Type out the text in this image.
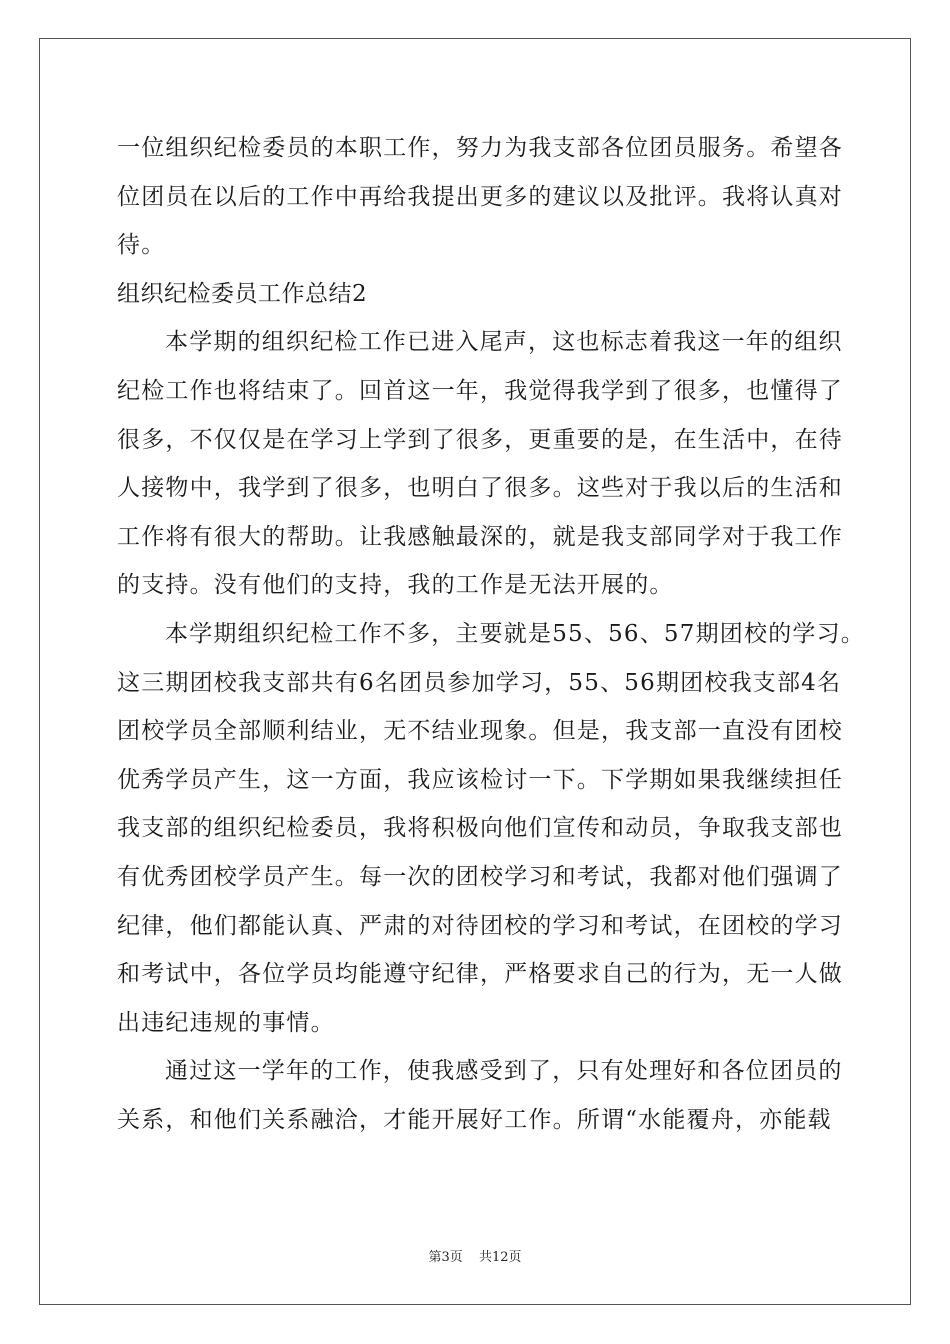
一位组织纪检委员的本职工作，努力为我支部各位团员服务。希望各
位团员在以后的工作中再给我提出更多的建议以及批评。我将认真对
待。
组织纪检委员工作总结2
本学期的组织纪检工作已进入尾声，这也标志着我这一年的组织
纪检工作也将结束了。回首这一年，我觉得我学到了很多，也懂得了
很多，不仅仅是在学习上学到了很多，更重要的是，在生活中，在待
人接物中，我学到了很多，也明白了很多。这些对于我以后的生活和
工作将有很大的帮助。让我感触最深的，就是我支部同学对于我工作
的支持。没有他们的支持，我的工作是无法开展的。
本学期组织纪检工作不多，主要就是55、56、57期团校的学习。
这三期团校我支部共有6名团员参加学习，55、56期团校我支部4名
团校学员全部顺利结业，无不结业现象。但是，我支部一直没有团校
优秀学员产生，这一方面，我应该检讨一下。下学期如果我继续担任
我支部的组织纪检委员，我将积极向他们宣传和动员，争取我支部也
有优秀团校学员产生。每一次的团校学习和考试，我都对他们强调了
纪律，他们都能认真、严肃的对待团校的学习和考试，在团校的学习
和考试中，各位学员均能遵守纪律，严格要求自己的行为，无一人做
出违纪违规的事情。
通过这一学年的工作，使我感受到了，只有处理好和各位团员的
关系，和他们关系融洽，才能开展好工作。所谓“水能覆舟，亦能载
第3页 共12页
